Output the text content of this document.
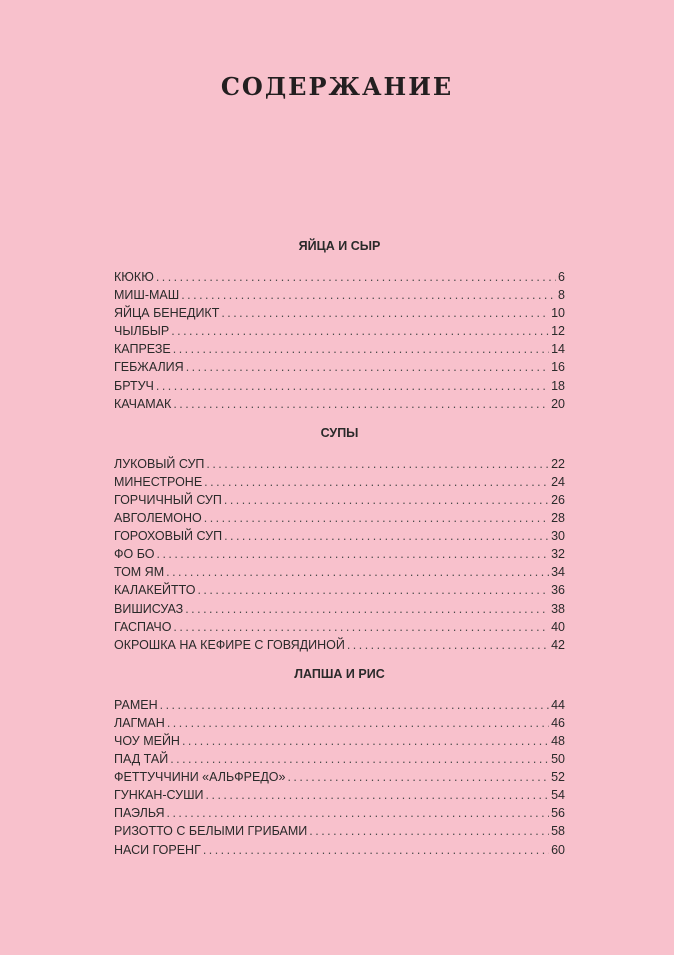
СОДЕРЖАНИЕ
ЯЙЦА И СЫР
КЮКЮ . . .	6
МИШ-МАШ . . .	8
ЯЙЦА БЕНЕДИКТ . . .	10
ЧЫЛБЫР . . .	12
КАПРЕЗЕ . . .	14
ГЕБЖАЛИЯ . . .	16
БРТУЧ . . .	18
КАЧАМАК . . .	20
СУПЫ
ЛУКОВЫЙ СУП . . .	22
МИНЕСТРОНЕ . . .	24
ГОРЧИЧНЫЙ СУП . . .	26
АВГОЛЕМОНО . . .	28
ГОРОХОВЫЙ СУП . . .	30
ФО БО . . .	32
ТОМ ЯМ . . .	34
КАЛАКЕЙТТО . . .	36
ВИШИСУАЗ . . .	38
ГАСПАЧО . . .	40
ОКРОШКА НА КЕФИРЕ С ГОВЯДИНОЙ . . .	42
ЛАПША И РИС
РАМЕН . . .	44
ЛАГМАН . . .	46
ЧОУ МЕЙН . . .	48
ПАД ТАЙ . . .	50
ФЕТТУЧЧИНИ «АЛЬФРЕДО» . . .	52
ГУНКАН-СУШИ . . .	54
ПАЭЛЬЯ . . .	56
РИЗОТТО С БЕЛЫМИ ГРИБАМИ . . .	58
НАСИ ГОРЕНГ . . .	60
